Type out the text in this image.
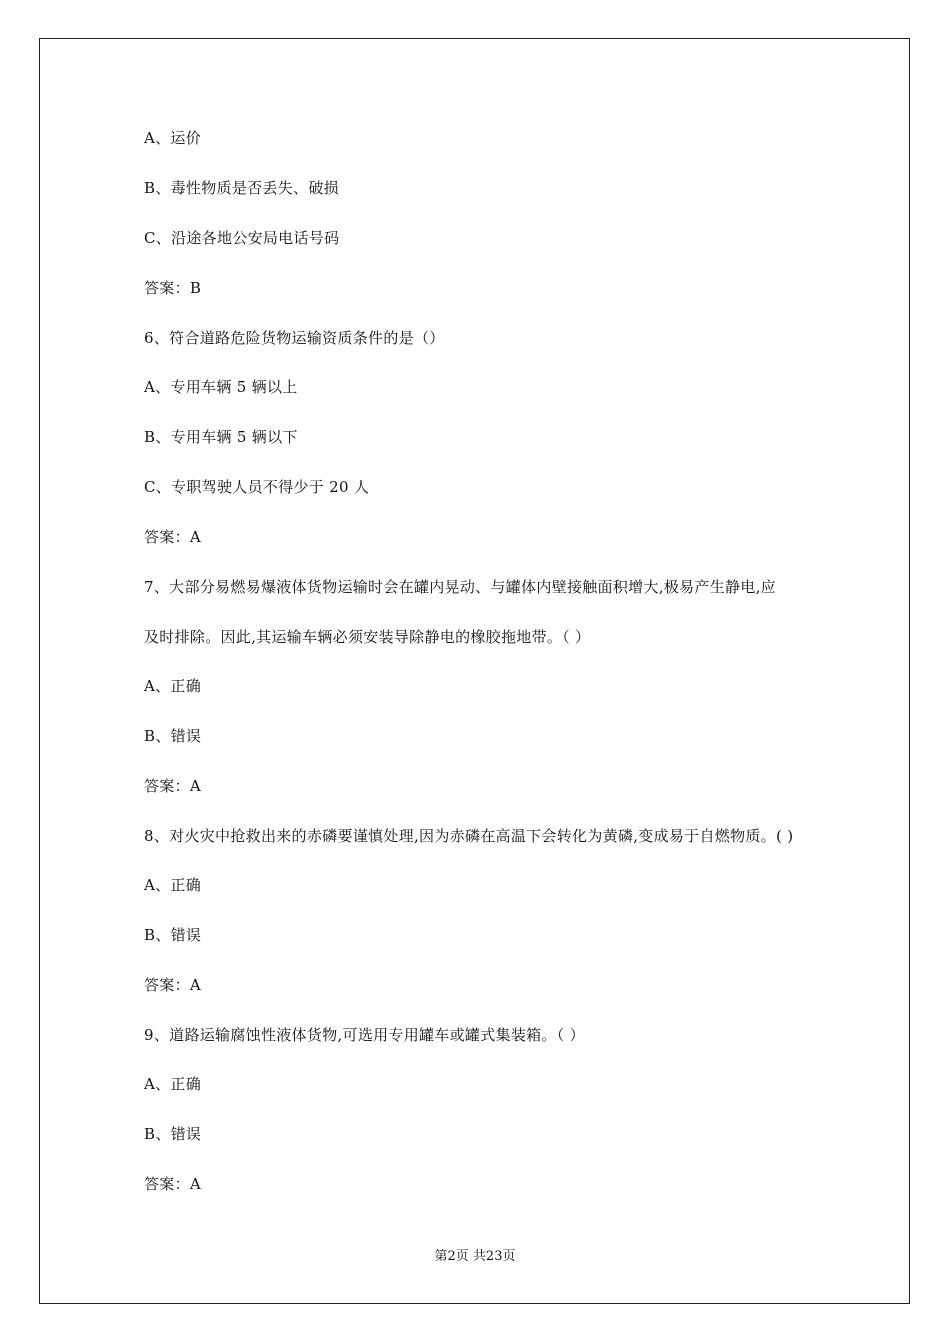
A、运价
B、毒性物质是否丢失、破损
C、沿途各地公安局电话号码
答案：B
6、符合道路危险货物运输资质条件的是（）
A、专用车辆 5 辆以上
B、专用车辆 5 辆以下
C、专职驾驶人员不得少于 20 人
答案：A
7、大部分易燃易爆液体货物运输时会在罐内晃动、与罐体内壁接触面积增大,极易产生静电,应
及时排除。因此,其运输车辆必须安装导除静电的橡胶拖地带。（ ）
A、正确
B、错误
答案：A
8、对火灾中抢救出来的赤磷要谨慎处理,因为赤磷在高温下会转化为黄磷,变成易于自燃物质。( )
A、正确
B、错误
答案：A
9、道路运输腐蚀性液体货物,可选用专用罐车或罐式集装箱。（ ）
A、正确
B、错误
答案：A
第2页 共23页
